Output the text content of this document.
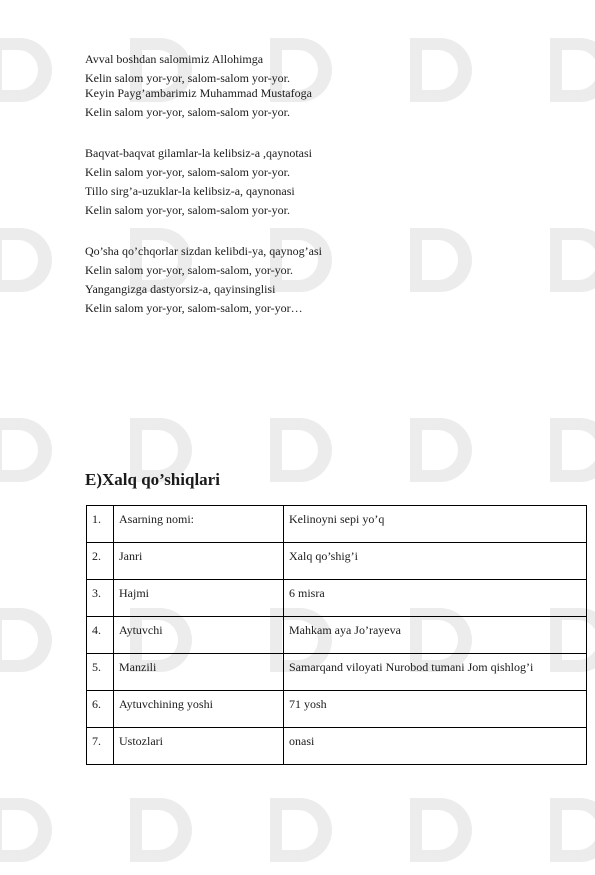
Avval boshdan salomimiz Allohimga
Kelin salom yor-yor, salom-salom yor-yor.
Keyin Payg’ambarimiz Muhammad Mustafoga
Kelin salom yor-yor, salom-salom yor-yor.
Baqvat-baqvat gilamlar-la kelibsiz-a ,qaynotasi
Kelin salom yor-yor, salom-salom yor-yor.
Tillo sirg’a-uzuklar-la kelibsiz-a, qaynonasi
Kelin salom yor-yor, salom-salom yor-yor.
Qo’sha qo’chqorlar sizdan kelibdi-ya, qaynog’asi
Kelin salom yor-yor, salom-salom, yor-yor.
Yangangizga dastyorsiz-a, qayinsinglisi
Kelin salom yor-yor, salom-salom, yor-yor…
E)Xalq qo’shiqlari
1.	Asarning nomi:	Kelinoyni sepi yo’q
2.	Janri	Xalq qo’shig’i
3.	Hajmi	6 misra
4.	Aytuvchi	Mahkam aya Jo’rayeva
5.	Manzili	Samarqand viloyati Nurobod tumani Jom qishlog’i
6.	Aytuvchining yoshi	71 yosh
7.	Ustozlari	onasi
